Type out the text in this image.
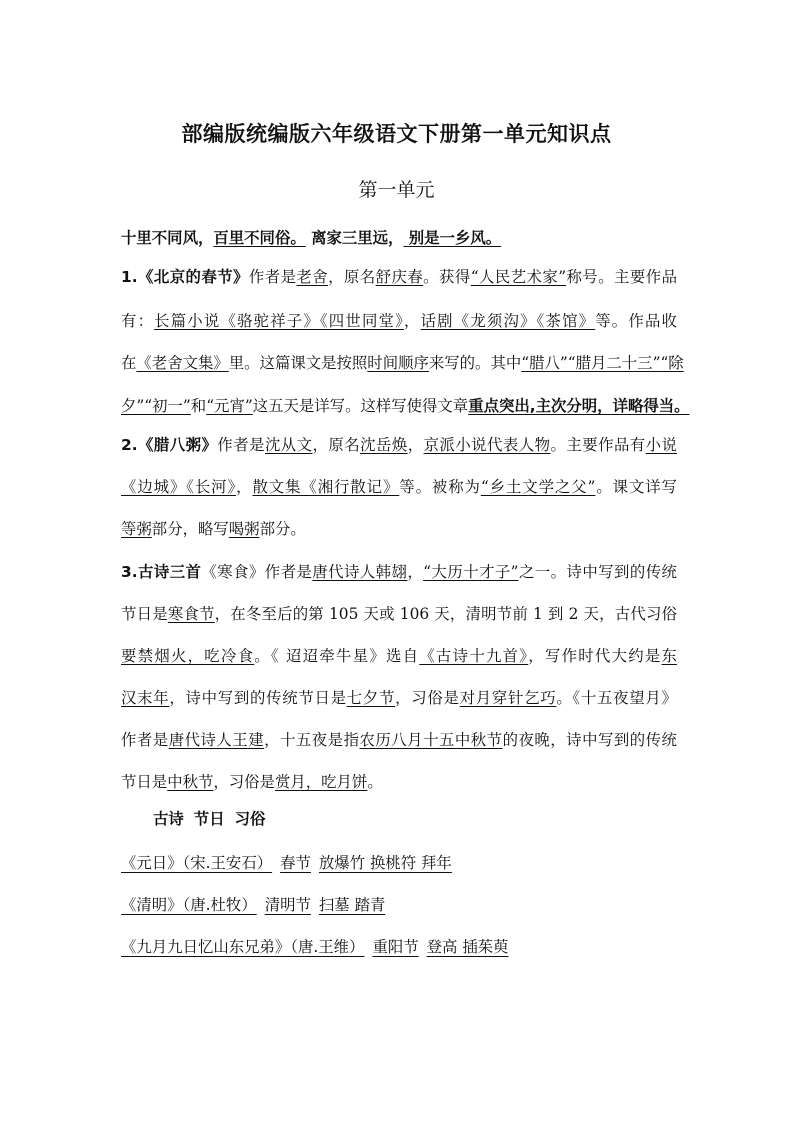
部编版统编版六年级语文下册第一单元知识点
第一单元
十里不同风，百里不同俗。 离家三里远， 别是一乡风。
1.《北京的春节》作者是老舍，原名舒庆春。获得“人民艺术家”称号。主要作品
有：长篇小说《骆驼祥子》《四世同堂》，话剧《龙须沟》《茶馆》等。作品收
在《老舍文集》里。这篇课文是按照时间顺序来写的。其中“腊八”“腊月二十三”“除
夕”“初一”和“元宵”这五天是详写。这样写使得文章重点突出,主次分明，详略得当。
2.《腊八粥》作者是沈从文，原名沈岳焕，京派小说代表人物。主要作品有小说
《边城》《长河》，散文集《湘行散记》等。被称为“乡土文学之父”。课文详写
等粥部分，略写喝粥部分。
3.古诗三首《寒食》作者是唐代诗人韩翃，“大历十才子”之一。诗中写到的传统
节日是寒食节，在冬至后的第 105 天或 106 天，清明节前 1 到 2 天，古代习俗
要禁烟火，吃冷食。《 迢迢牵牛星》选自《古诗十九首》，写作时代大约是东
汉末年，诗中写到的传统节日是七夕节，习俗是对月穿针乞巧。《十五夜望月》
作者是唐代诗人王建，十五夜是指农历八月十五中秋节的夜晚，诗中写到的传统
节日是中秋节，习俗是赏月，吃月饼。
古诗 节日 习俗
《元日》（宋.王安石） 春节 放爆竹 换桃符 拜年
《清明》（唐.杜牧） 清明节 扫墓 踏青
《九月九日忆山东兄弟》（唐.王维） 重阳节 登高 插茱萸
